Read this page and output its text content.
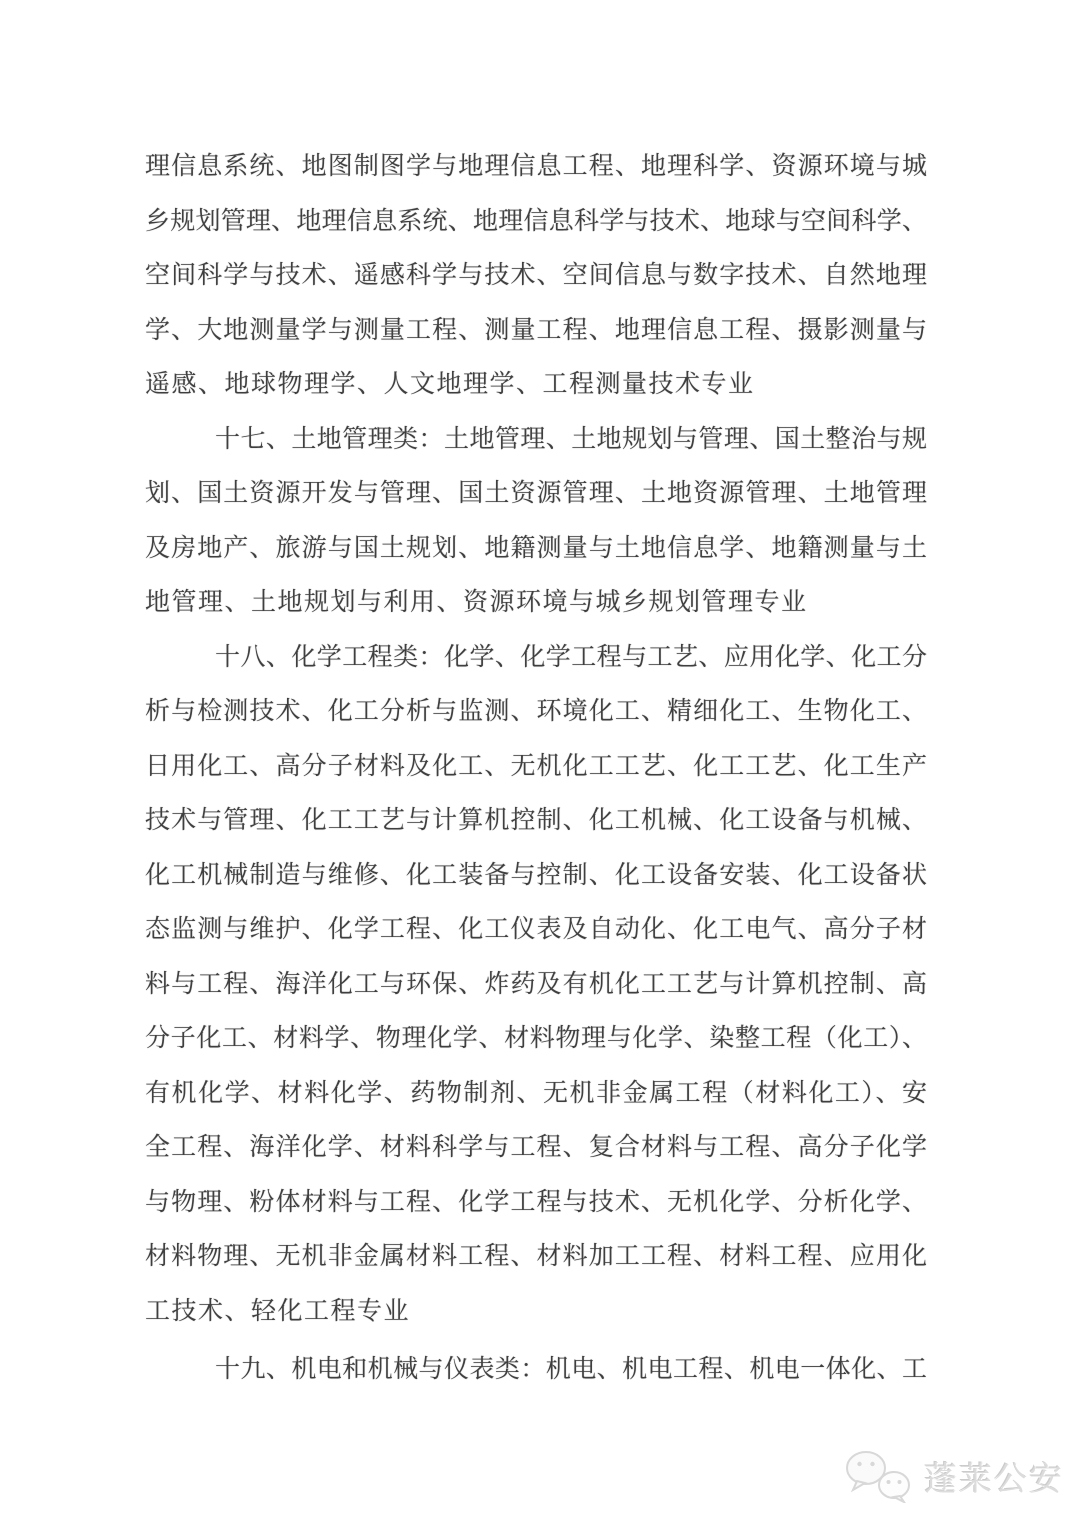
理信息系统、地图制图学与地理信息工程、地理科学、资源环境与城
乡规划管理、地理信息系统、地理信息科学与技术、地球与空间科学、
空间科学与技术、遥感科学与技术、空间信息与数字技术、自然地理
学、大地测量学与测量工程、测量工程、地理信息工程、摄影测量与
遥感、地球物理学、人文地理学、工程测量技术专业
十七、土地管理类：土地管理、土地规划与管理、国土整治与规
划、国土资源开发与管理、国土资源管理、土地资源管理、土地管理
及房地产、旅游与国土规划、地籍测量与土地信息学、地籍测量与土
地管理、土地规划与利用、资源环境与城乡规划管理专业
十八、化学工程类：化学、化学工程与工艺、应用化学、化工分
析与检测技术、化工分析与监测、环境化工、精细化工、生物化工、
日用化工、高分子材料及化工、无机化工工艺、化工工艺、化工生产
技术与管理、化工工艺与计算机控制、化工机械、化工设备与机械、
化工机械制造与维修、化工装备与控制、化工设备安装、化工设备状
态监测与维护、化学工程、化工仪表及自动化、化工电气、高分子材
料与工程、海洋化工与环保、炸药及有机化工工艺与计算机控制、高
分子化工、材料学、物理化学、材料物理与化学、染整工程（化工）、
有机化学、材料化学、药物制剂、无机非金属工程（材料化工）、安
全工程、海洋化学、材料科学与工程、复合材料与工程、高分子化学
与物理、粉体材料与工程、化学工程与技术、无机化学、分析化学、
材料物理、无机非金属材料工程、材料加工工程、材料工程、应用化
工技术、轻化工程专业
十九、机电和机械与仪表类：机电、机电工程、机电一体化、工
蓬莱公安
